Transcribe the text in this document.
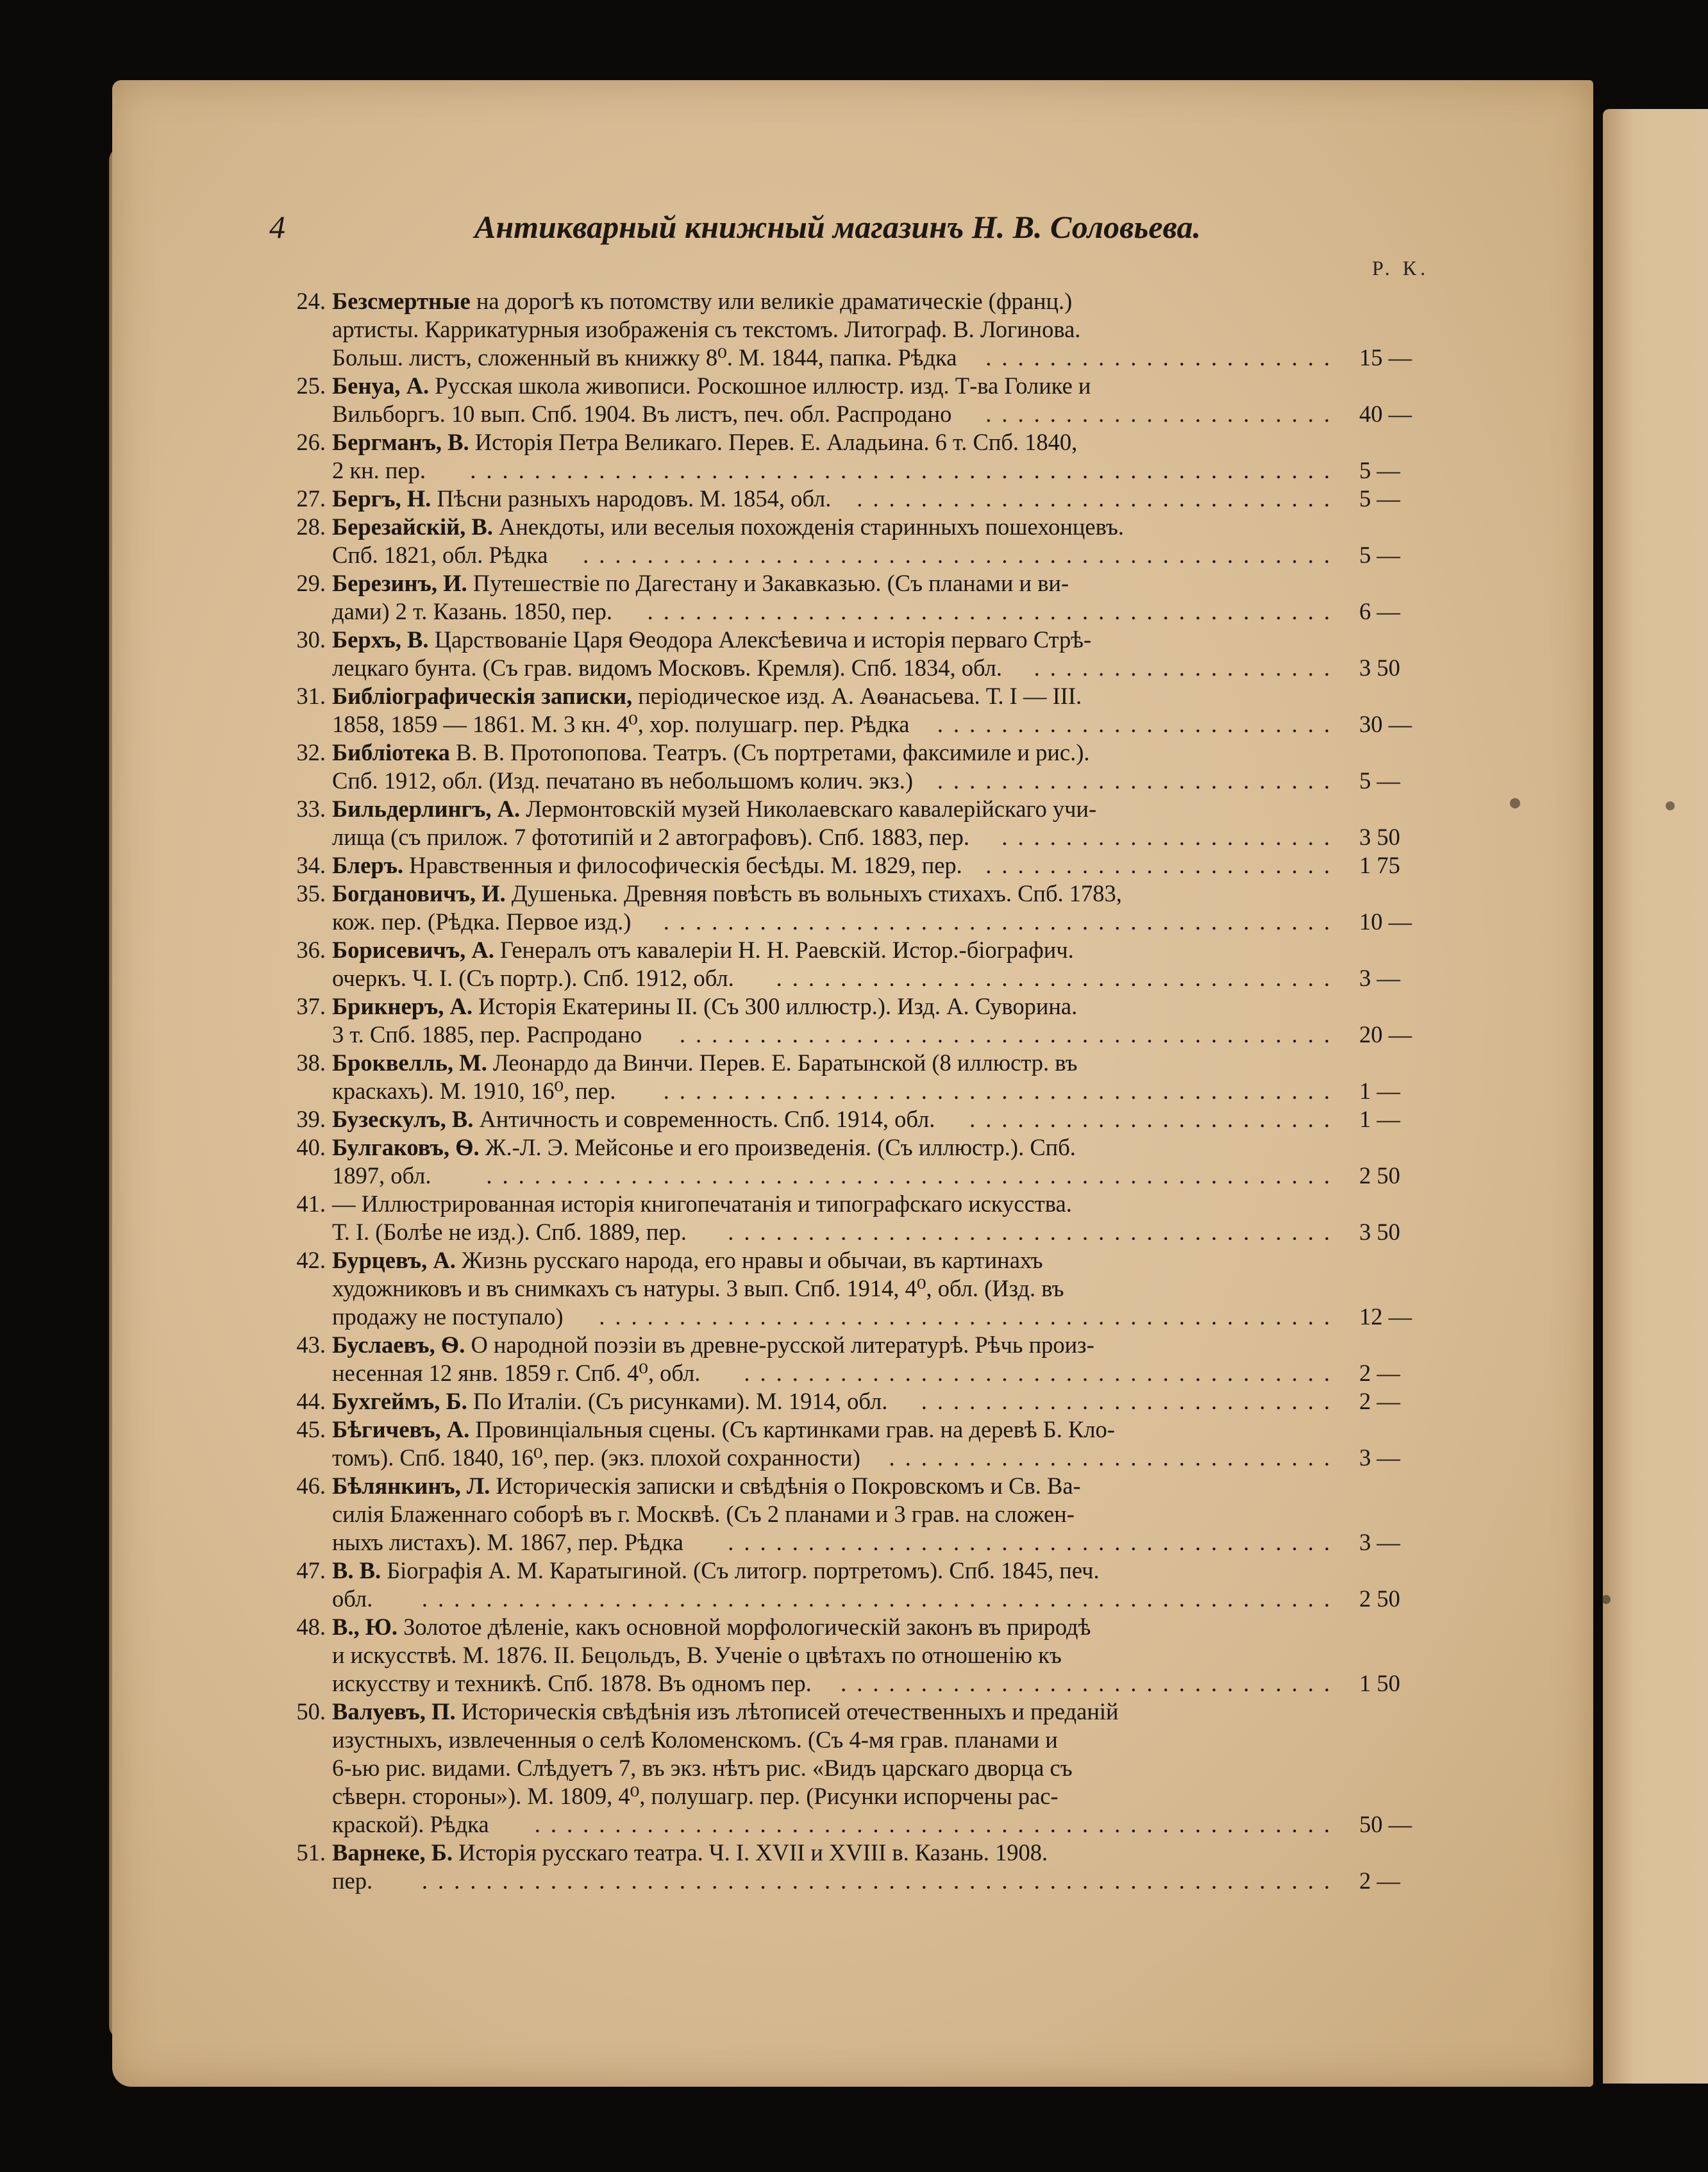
4	Антикварный книжный магазинъ Н. В. Соловьева.
Р. К.
24. Безсмертные на дорогѣ къ потомству или великіе драматическіе (франц.)
артисты. Каррикатурныя изображенія съ текстомъ. Литограф. В. Логинова.
Больш. листъ, сложенный въ книжку 8⁰. М. 1844, папка. Рѣдка	15 —
......................
25. Бенуа, А. Русская школа живописи. Роскошное иллюстр. изд. Т-ва Голике и
Вильборгъ. 10 вып. Спб. 1904. Въ листъ, печ. обл. Распродано	40 —
......................
26. Бергманъ, В. Исторія Петра Великаго. Перев. Е. Аладьина. 6 т. Спб. 1840,
2 кн. пер.	5 —
......................................................
27. Бергъ, Н. Пѣсни разныхъ народовъ. М. 1854, обл.	5 —
..............................
28. Березайскій, В. Анекдоты, или веселыя похожденія старинныхъ пошехонцевъ.
Спб. 1821, обл. Рѣдка	5 —
...............................................
29. Березинъ, И. Путешествіе по Дагестану и Закавказью. (Съ планами и ви-
дами) 2 т. Казань. 1850, пер.	6 —
...........................................
30. Берхъ, В. Царствованіе Царя Ѳеодора Алексѣевича и исторія перваго Стрѣ-
лецкаго бунта. (Съ грав. видомъ Московъ. Кремля). Спб. 1834, обл.	3 50
...................
31. Библіографическія записки, періодическое изд. А. Аѳанасьева. Т. I — III.
1858, 1859 — 1861. М. 3 кн. 4⁰, хор. полушагр. пер. Рѣдка	30 —
.........................
32. Библіотека В. В. Протопопова. Театръ. (Съ портретами, факсимиле и рис.).
Спб. 1912, обл. (Изд. печатано въ небольшомъ колич. экз.)	5 —
.........................
33. Бильдерлингъ, А. Лермонтовскій музей Николаевскаго кавалерійскаго учи-
лища (съ прилож. 7 фототипій и 2 автографовъ). Спб. 1883, пер.	3 50
.....................
34. Блеръ. Нравственныя и философическія бесѣды. М. 1829, пер.	1 75
......................
35. Богдановичъ, И. Душенька. Древняя повѣсть въ вольныхъ стихахъ. Спб. 1783,
кож. пер. (Рѣдка. Первое изд.)	10 —
..........................................
36. Борисевичъ, А. Генералъ отъ кавалеріи Н. Н. Раевскій. Истор.-біографич.
очеркъ. Ч. I. (Съ портр.). Спб. 1912, обл.	3 —
...................................
37. Брикнеръ, А. Исторія Екатерины II. (Съ 300 иллюстр.). Изд. А. Суворина.
3 т. Спб. 1885, пер. Распродано	20 —
.........................................
38. Броквелль, М. Леонардо да Винчи. Перев. Е. Баратынской (8 иллюстр. въ
краскахъ). М. 1910, 16⁰, пер.	1 —
..........................................
39. Бузескулъ, В. Античность и современность. Спб. 1914, обл.	1 —
.......................
40. Булгаковъ, Ѳ. Ж.-Л. Э. Мейсонье и его произведенія. (Съ иллюстр.). Спб.
1897, обл.	2 50
.....................................................
41. — Иллюстрированная исторія книгопечатанія и типографскаго искусства.
Т. I. (Болѣе не изд.). Спб. 1889, пер.	3 50
......................................
42. Бурцевъ, А. Жизнь русскаго народа, его нравы и обычаи, въ картинахъ
художниковъ и въ снимкахъ съ натуры. 3 вып. Спб. 1914, 4⁰, обл. (Изд. въ
продажу не поступало)	12 —
..............................................
43. Буслаевъ, Ѳ. О народной поэзіи въ древне-русской литературѣ. Рѣчь произ-
несенная 12 янв. 1859 г. Спб. 4⁰, обл.	2 —
.....................................
44. Бухгеймъ, Б. По Италіи. (Съ рисунками). М. 1914, обл.	2 —
..........................
45. Бѣгичевъ, А. Провинціальныя сцены. (Съ картинками грав. на деревѣ Б. Кло-
томъ). Спб. 1840, 16⁰, пер. (экз. плохой сохранности)	3 —
............................
46. Бѣлянкинъ, Л. Историческія записки и свѣдѣнія о Покровскомъ и Св. Ва-
силія Блаженнаго соборѣ въ г. Москвѣ. (Съ 2 планами и 3 грав. на сложен-
ныхъ листахъ). М. 1867, пер. Рѣдка	3 —
......................................
47. В. В. Біографія А. М. Каратыгиной. (Съ литогр. портретомъ). Спб. 1845, печ.
обл.	2 50
.........................................................
48. В., Ю. Золотое дѣленіе, какъ основной морфологическій законъ въ природѣ
и искусствѣ. М. 1876. II. Бецольдъ, В. Ученіе о цвѣтахъ по отношенію къ
искусству и техникѣ. Спб. 1878. Въ одномъ пер.	1 50
...............................
50. Валуевъ, П. Историческія свѣдѣнія изъ лѣтописей отечественныхъ и преданій
изустныхъ, извлеченныя о селѣ Коломенскомъ. (Съ 4-мя грав. планами и
6-ью рис. видами. Слѣдуетъ 7, въ экз. нѣтъ рис. «Видъ царскаго дворца съ
сѣверн. стороны»). М. 1809, 4⁰, полушагр. пер. (Рисунки испорчены рас-
краской). Рѣдка	50 —
..................................................
51. Варнеке, Б. Исторія русскаго театра. Ч. I. XVII и XVIII в. Казань. 1908.
пер.	2 —
.........................................................
